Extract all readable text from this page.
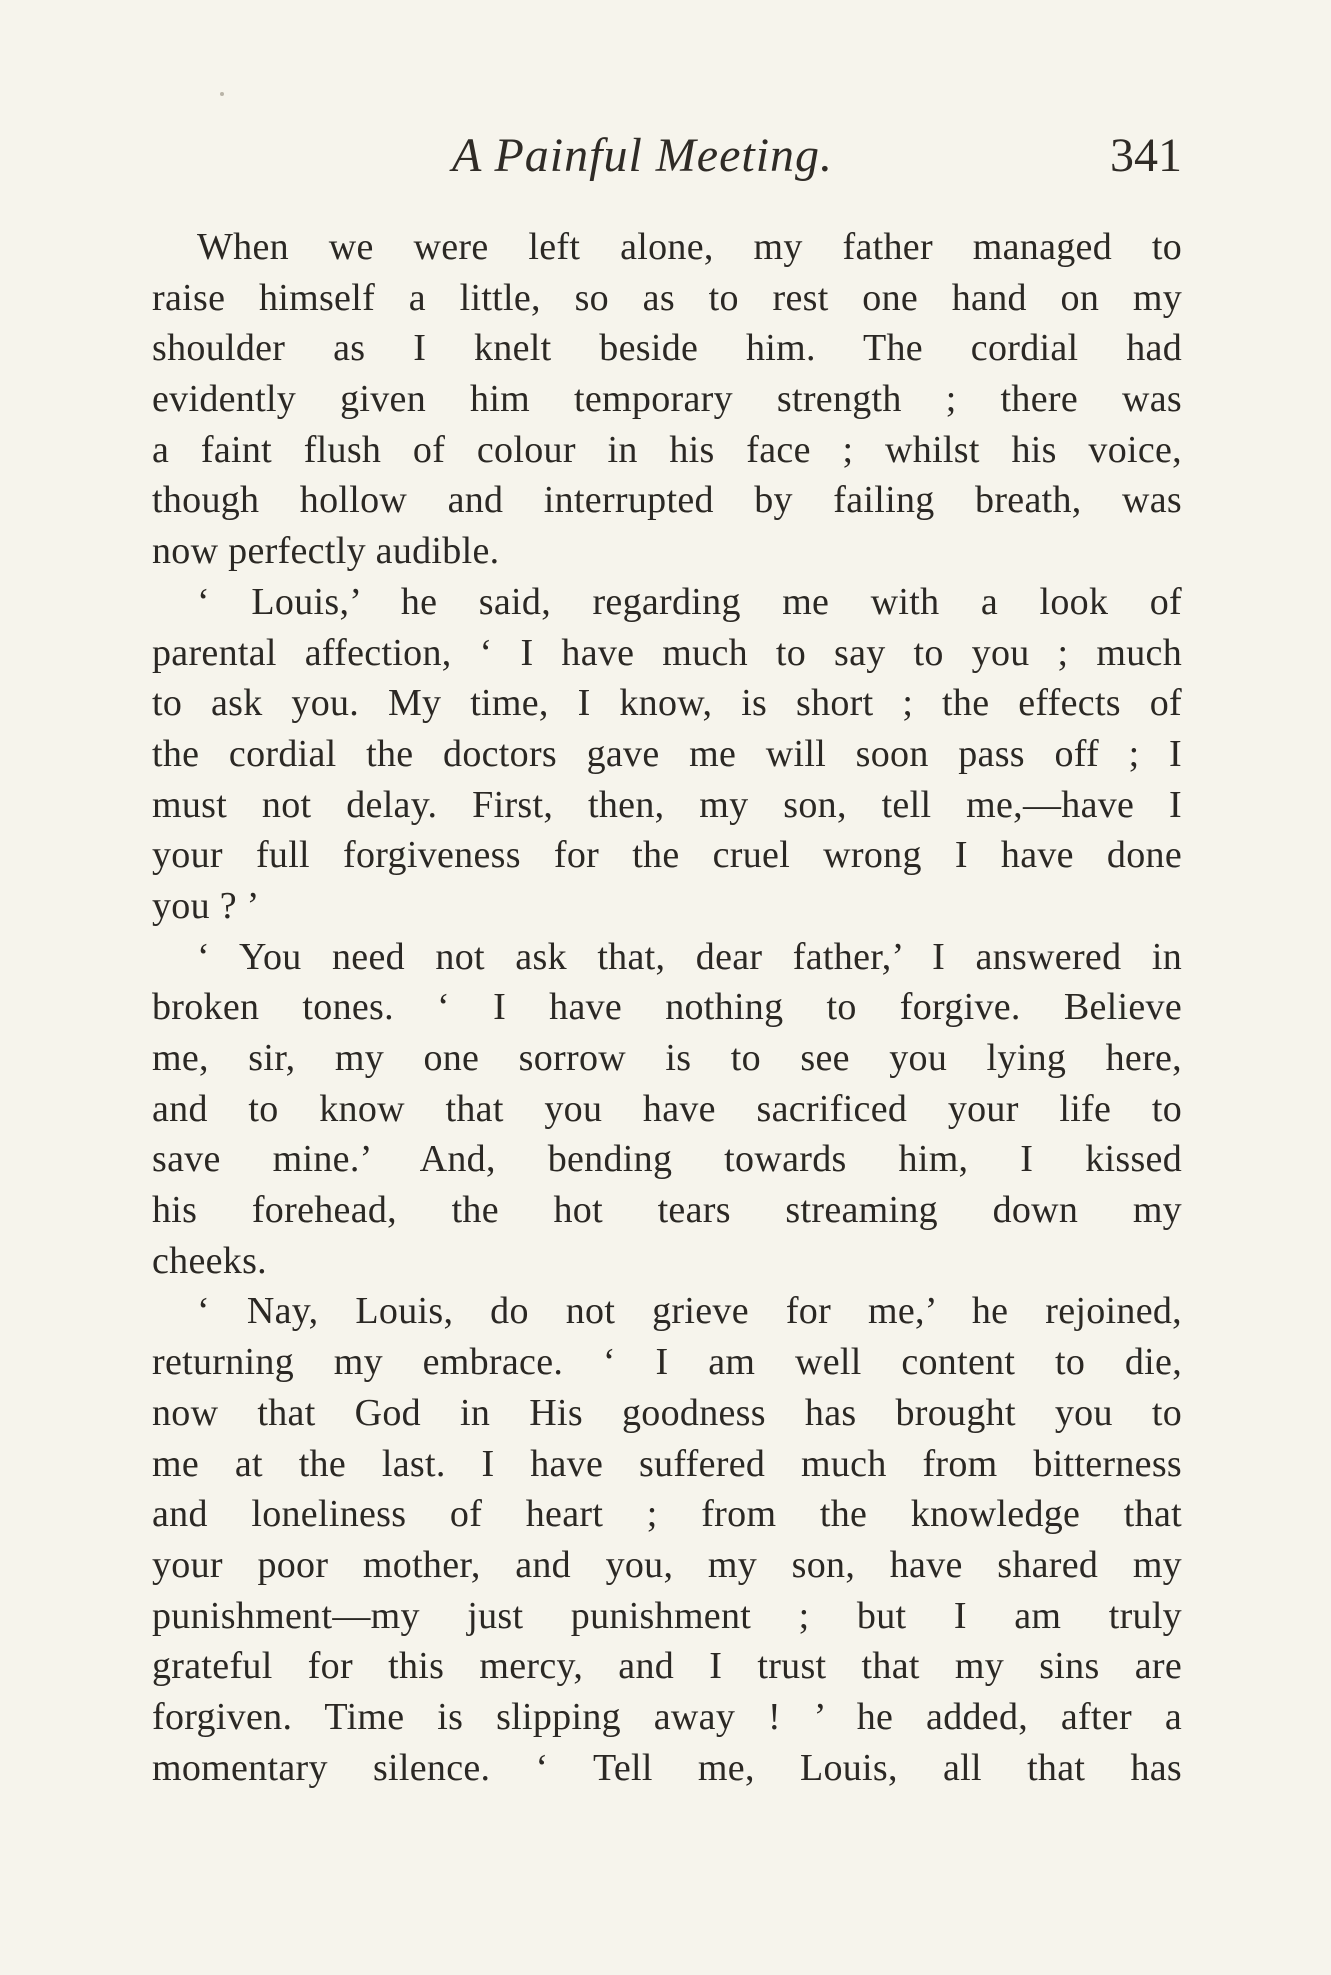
A Painful Meeting.	341
When we were left alone, my father managed to
raise himself a little, so as to rest one hand on my
shoulder as I knelt beside him. The cordial had
evidently given him temporary strength ; there was
a faint flush of colour in his face ; whilst his voice,
though hollow and interrupted by failing breath, was
now perfectly audible.
‘ Louis,’ he said, regarding me with a look of
parental affection, ‘ I have much to say to you ; much
to ask you. My time, I know, is short ; the effects of
the cordial the doctors gave me will soon pass off ; I
must not delay. First, then, my son, tell me,—have I
your full forgiveness for the cruel wrong I have done
you ? ’
‘ You need not ask that, dear father,’ I answered in
broken tones. ‘ I have nothing to forgive. Believe
me, sir, my one sorrow is to see you lying here,
and to know that you have sacrificed your life to
save mine.’ And, bending towards him, I kissed
his forehead, the hot tears streaming down my
cheeks.
‘ Nay, Louis, do not grieve for me,’ he rejoined,
returning my embrace. ‘ I am well content to die,
now that God in His goodness has brought you to
me at the last. I have suffered much from bitterness
and loneliness of heart ; from the knowledge that
your poor mother, and you, my son, have shared my
punishment—my just punishment ; but I am truly
grateful for this mercy, and I trust that my sins are
forgiven. Time is slipping away ! ’ he added, after a
momentary silence. ‘ Tell me, Louis, all that has
